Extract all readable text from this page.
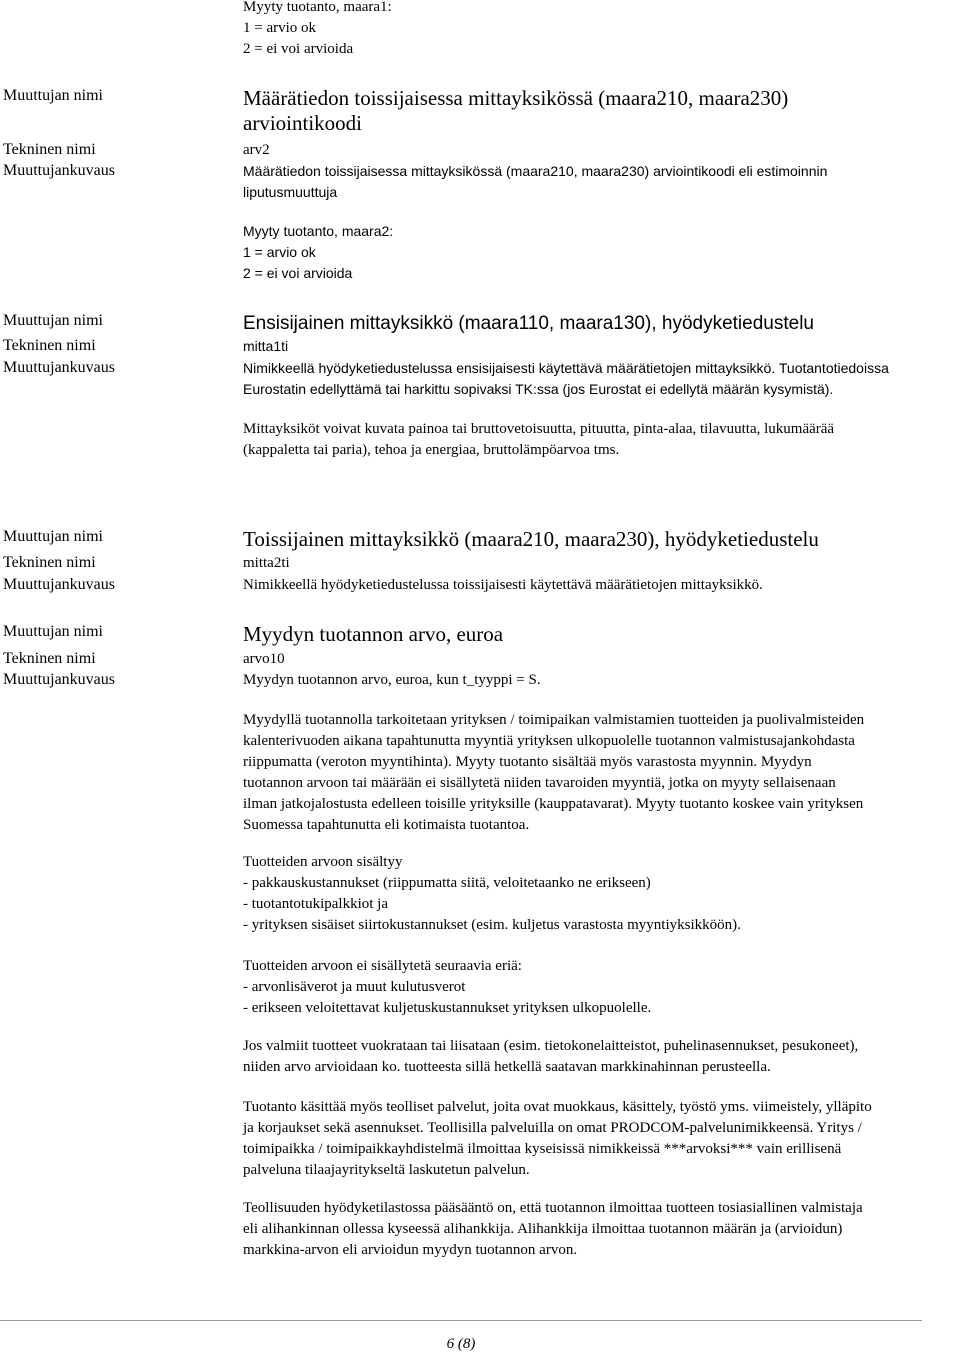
Myyty tuotanto, maara1:
1 = arvio ok
2 = ei voi arvioida
Muuttujan nimi
Tekninen nimi
Muuttujankuvaus
Määrätiedon toissijaisessa mittayksikössä (maara210, maara230)
arviointikoodi
arv2
Määrätiedon toissijaisessa mittayksikössä (maara210, maara230) arviointikoodi eli estimoinnin
liputusmuuttuja
Myyty tuotanto, maara2:
1 = arvio ok
2 = ei voi arvioida
Muuttujan nimi
Tekninen nimi
Muuttujankuvaus
Ensisijainen mittayksikkö (maara110, maara130), hyödyketiedustelu
mitta1ti
Nimikkeellä hyödyketiedustelussa ensisijaisesti käytettävä määrätietojen mittayksikkö. Tuotantotiedoissa
Eurostatin edellyttämä tai harkittu sopivaksi TK:ssa (jos Eurostat ei edellytä määrän kysymistä).
Mittayksiköt voivat kuvata painoa tai bruttovetoisuutta, pituutta, pinta-alaa, tilavuutta, lukumäärää
(kappaletta tai paria), tehoa ja energiaa, bruttolämpöarvoa tms.
Muuttujan nimi
Tekninen nimi
Muuttujankuvaus
Toissijainen mittayksikkö (maara210, maara230), hyödyketiedustelu
mitta2ti
Nimikkeellä hyödyketiedustelussa toissijaisesti käytettävä määrätietojen mittayksikkö.
Muuttujan nimi
Tekninen nimi
Muuttujankuvaus
Myydyn tuotannon arvo, euroa
arvo10
Myydyn tuotannon arvo, euroa, kun t_tyyppi = S.
Myydyllä tuotannolla tarkoitetaan yrityksen / toimipaikan valmistamien tuotteiden ja puolivalmisteiden
kalenterivuoden aikana tapahtunutta myyntiä yrityksen ulkopuolelle tuotannon valmistusajankohdasta
riippumatta (veroton myyntihinta). Myyty tuotanto sisältää myös varastosta myynnin. Myydyn
tuotannon arvoon tai määrään ei sisällytetä niiden tavaroiden myyntiä, jotka on myyty sellaisenaan
ilman jatkojalostusta edelleen toisille yrityksille (kauppatavarat). Myyty tuotanto koskee vain yrityksen
Suomessa tapahtunutta eli kotimaista tuotantoa.
Tuotteiden arvoon sisältyy
- pakkauskustannukset (riippumatta siitä, veloitetaanko ne erikseen)
- tuotantotukipalkkiot ja
- yrityksen sisäiset siirtokustannukset (esim. kuljetus varastosta myyntiyksikköön).
Tuotteiden arvoon ei sisällytetä seuraavia eriä:
- arvonlisäverot ja muut kulutusverot
- erikseen veloitettavat kuljetuskustannukset yrityksen ulkopuolelle.
Jos valmiit tuotteet vuokrataan tai liisataan (esim. tietokonelaitteistot, puhelinasennukset, pesukoneet),
niiden arvo arvioidaan ko. tuotteesta sillä hetkellä saatavan markkinahinnan perusteella.
Tuotanto käsittää myös teolliset palvelut, joita ovat muokkaus, käsittely, työstö yms. viimeistely, ylläpito
ja korjaukset sekä asennukset. Teollisilla palveluilla on omat PRODCOM-palvelunimikkeensä. Yritys /
toimipaikka / toimipaikkayhdistelmä ilmoittaa kyseisissä nimikkeissä ***arvoksi*** vain erillisenä
palveluna tilaajayritykseltä laskutetun palvelun.
Teollisuuden hyödyketilastossa pääsääntö on, että tuotannon ilmoittaa tuotteen tosiasiallinen valmistaja
eli alihankinnan ollessa kyseessä alihankkija. Alihankkija ilmoittaa tuotannon määrän ja (arvioidun)
markkina-arvon eli arvioidun myydyn tuotannon arvon.
6 (8)
